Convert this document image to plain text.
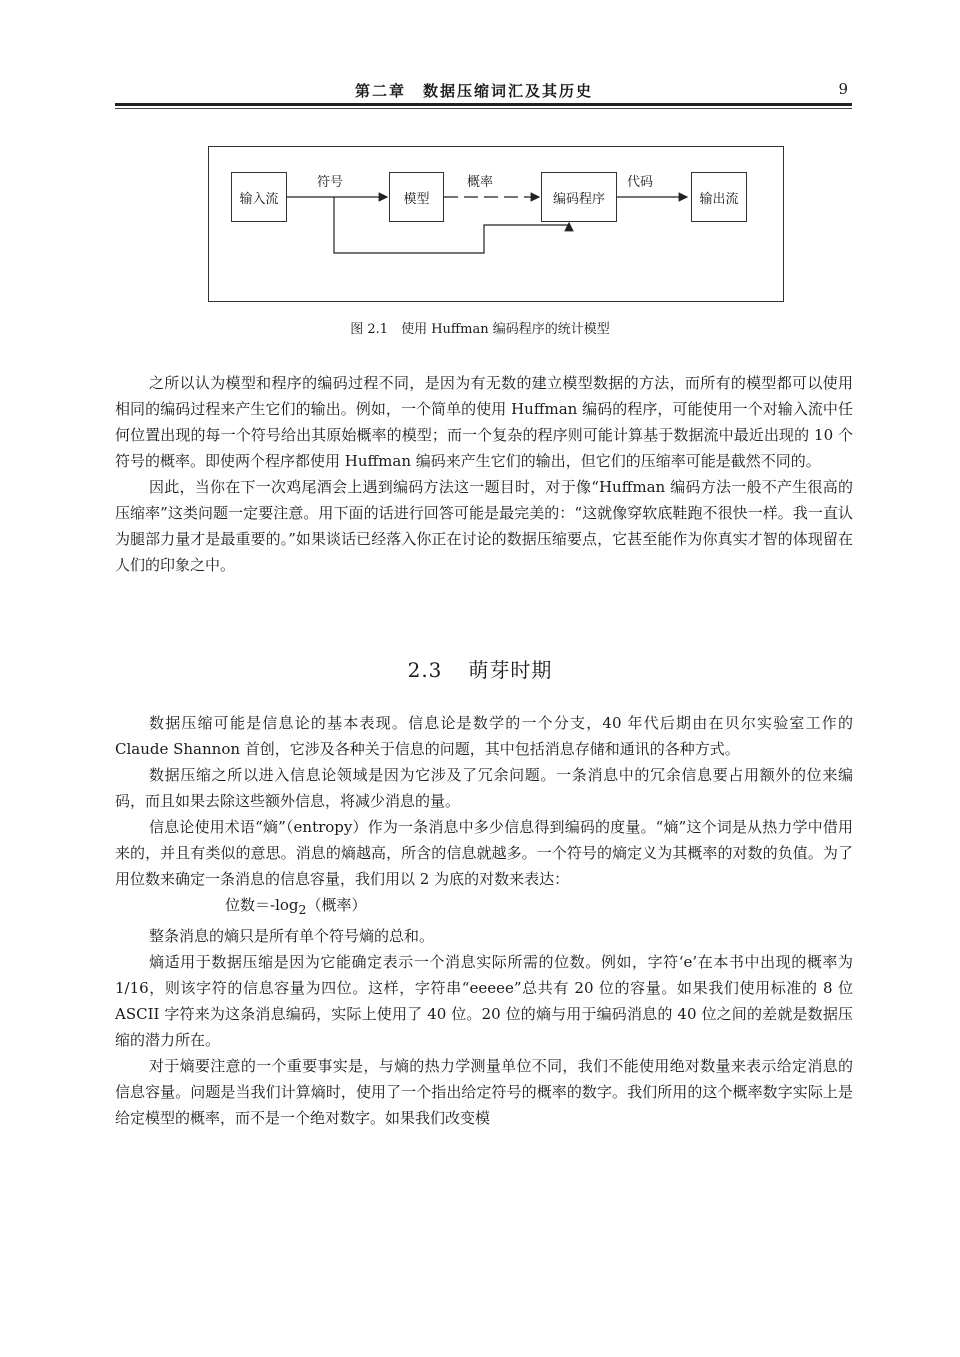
第二章　数据压缩词汇及其历史	9
输入流	模型	编码程序	输出流
符号	概率	代码
图 2.1　使用 Huffman 编码程序的统计模型

之所以认为模型和程序的编码过程不同，是因为有无数的建立模型数据的方法，而所有的模型都可以使用相同的编码过程来产生它们的输出。例如，一个简单的使用 Huffman 编码的程序，可能使用一个对输入流中任何位置出现的每一个符号给出其原始概率的模型；而一个复杂的程序则可能计算基于数据流中最近出现的 10 个符号的概率。即使两个程序都使用 Huffman 编码来产生它们的输出，但它们的压缩率可能是截然不同的。

因此，当你在下一次鸡尾酒会上遇到编码方法这一题目时，对于像“Huffman 编码方法一般不产生很高的压缩率”这类问题一定要注意。用下面的话进行回答可能是最完美的：“这就像穿软底鞋跑不很快一样。我一直认为腿部力量才是最重要的。”如果谈话已经落入你正在讨论的数据压缩要点，它甚至能作为你真实才智的体现留在人们的印象之中。

2.3 萌芽时期

数据压缩可能是信息论的基本表现。信息论是数学的一个分支，40 年代后期由在贝尔实验室工作的 Claude Shannon 首创，它涉及各种关于信息的问题，其中包括消息存储和通讯的各种方式。

数据压缩之所以进入信息论领域是因为它涉及了冗余问题。一条消息中的冗余信息要占用额外的位来编码，而且如果去除这些额外信息，将减少消息的量。

信息论使用术语“熵”（entropy）作为一条消息中多少信息得到编码的度量。“熵”这个词是从热力学中借用来的，并且有类似的意思。消息的熵越高，所含的信息就越多。一个符号的熵定义为其概率的对数的负值。为了用位数来确定一条消息的信息容量，我们用以 2 为底的对数来表达：

位数$=-\log_2$（概率）

整条消息的熵只是所有单个符号熵的总和。

熵适用于数据压缩是因为它能确定表示一个消息实际所需的位数。例如，字符‘e’在本书中出现的概率为 1/16，则该字符的信息容量为四位。这样，字符串“eeeee”总共有 20 位的容量。如果我们使用标准的 8 位 ASCII 字符来为这条消息编码，实际上使用了 40 位。20 位的熵与用于编码消息的 40 位之间的差就是数据压缩的潜力所在。

对于熵要注意的一个重要事实是，与熵的热力学测量单位不同，我们不能使用绝对数量来表示给定消息的信息容量。问题是当我们计算熵时，使用了一个指出给定符号的概率的数字。我们所用的这个概率数字实际上是给定模型的概率，而不是一个绝对数字。如果我们改变模
